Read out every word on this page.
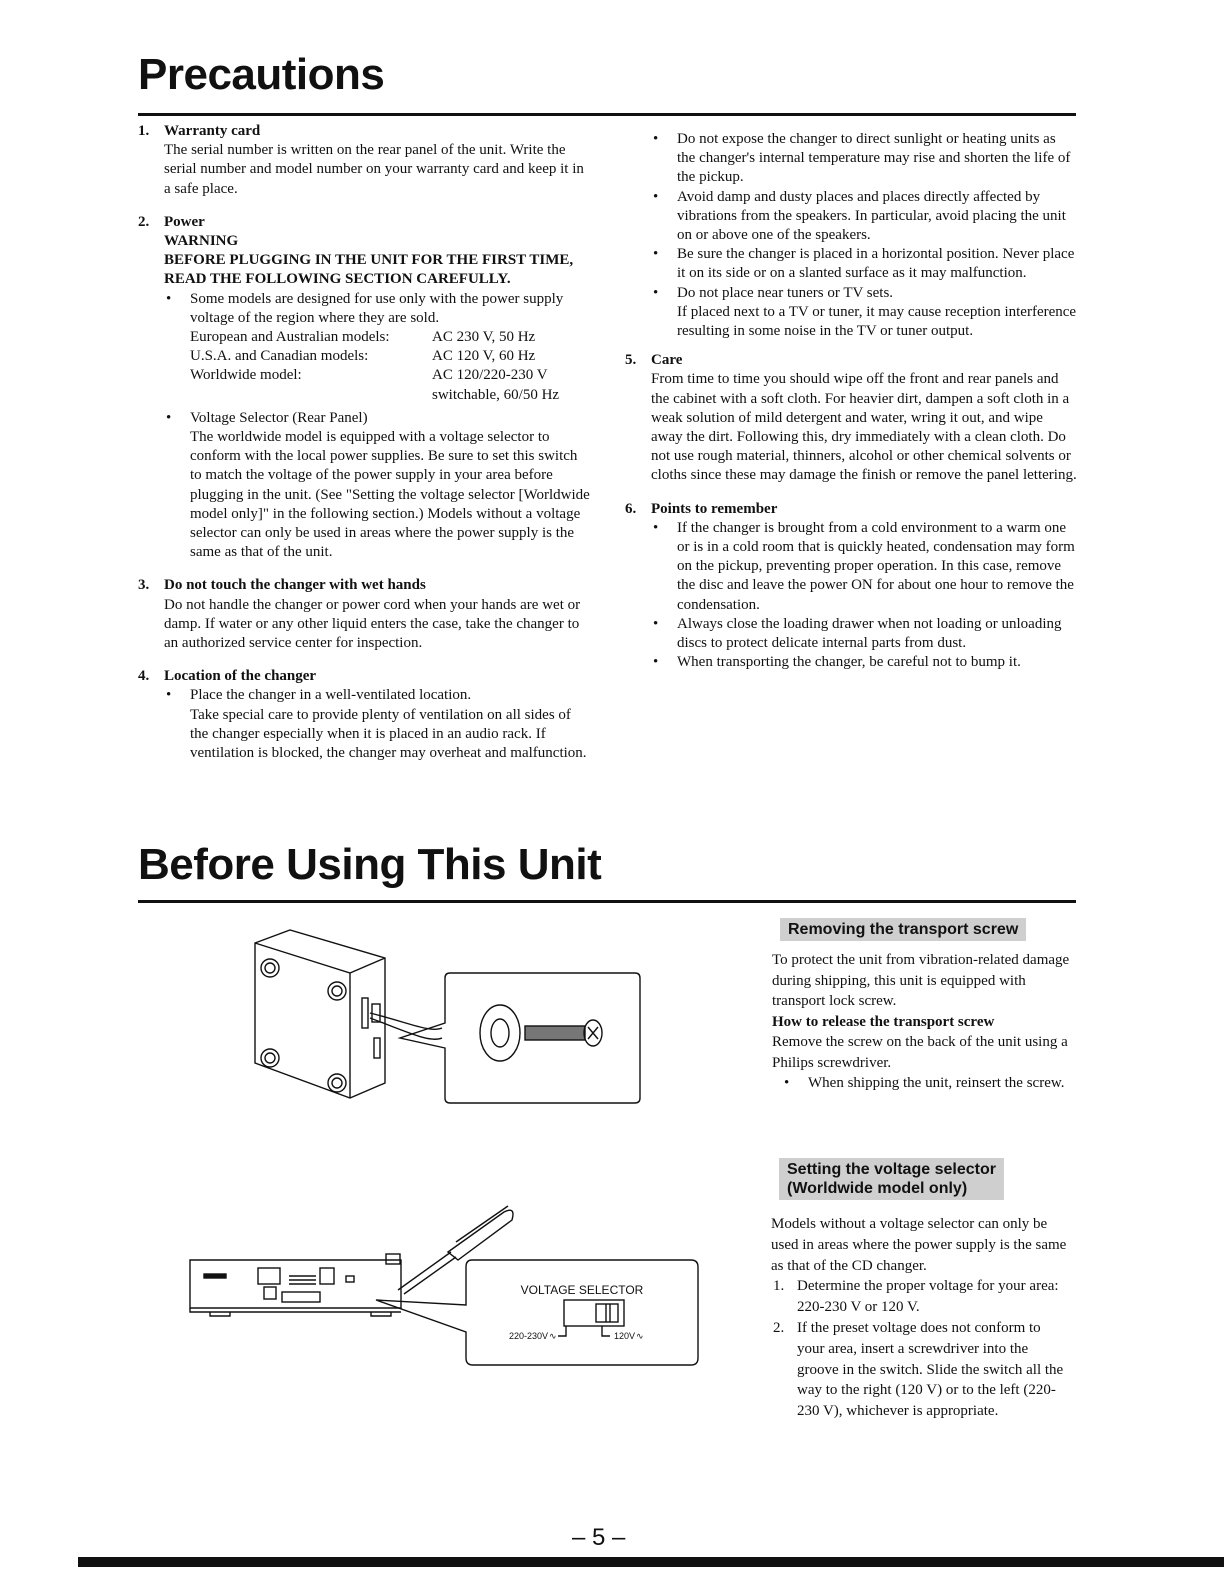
Precautions
1. Warranty card
The serial number is written on the rear panel of the unit. Write the serial number and model number on your warranty card and keep it in a safe place.
2. Power
WARNING
BEFORE PLUGGING IN THE UNIT FOR THE FIRST TIME, READ THE FOLLOWING SECTION CAREFULLY.
•	Some models are designed for use only with the power supply voltage of the region where they are sold.
European and Australian models:	AC 230 V, 50 Hz
U.S.A. and Canadian models:	AC 120 V, 60 Hz
Worldwide model:	AC 120/220-230 V switchable, 60/50 Hz
•	Voltage Selector (Rear Panel)
The worldwide model is equipped with a voltage selector to conform with the local power supplies. Be sure to set this switch to match the voltage of the power supply in your area before plugging in the unit. (See "Setting the voltage selector [Worldwide model only]" in the following section.) Models without a voltage selector can only be used in areas where the power supply is the same as that of the unit.
3. Do not touch the changer with wet hands
Do not handle the changer or power cord when your hands are wet or damp. If water or any other liquid enters the case, take the changer to an authorized service center for inspection.
4. Location of the changer
•	Place the changer in a well-ventilated location.
Take special care to provide plenty of ventilation on all sides of the changer especially when it is placed in an audio rack. If ventilation is blocked, the changer may overheat and malfunction.
•	Do not expose the changer to direct sunlight or heating units as the changer's internal temperature may rise and shorten the life of the pickup.
•	Avoid damp and dusty places and places directly affected by vibrations from the speakers. In particular, avoid placing the unit on or above one of the speakers.
•	Be sure the changer is placed in a horizontal position. Never place it on its side or on a slanted surface as it may malfunction.
•	Do not place near tuners or TV sets.
If placed next to a TV or tuner, it may cause reception interference resulting in some noise in the TV or tuner output.
5. Care
From time to time you should wipe off the front and rear panels and the cabinet with a soft cloth. For heavier dirt, dampen a soft cloth in a weak solution of mild detergent and water, wring it out, and wipe away the dirt. Following this, dry immediately with a clean cloth. Do not use rough material, thinners, alcohol or other chemical solvents or cloths since these may damage the finish or remove the panel lettering.
6. Points to remember
•	If the changer is brought from a cold environment to a warm one or is in a cold room that is quickly heated, condensation may form on the pickup, preventing proper operation. In this case, remove the disc and leave the power ON for about one hour to remove the condensation.
•	Always close the loading drawer when not loading or unloading discs to protect delicate internal parts from dust.
•	When transporting the changer, be careful not to bump it.
Before Using This Unit
Removing the transport screw
To protect the unit from vibration-related damage during shipping, this unit is equipped with transport lock screw.
How to release the transport screw
Remove the screw on the back of the unit using a Philips screwdriver.
•	When shipping the unit, reinsert the screw.
VOLTAGE SELECTOR
220-230V ∿	120V ∿
Setting the voltage selector
(Worldwide model only)
Models without a voltage selector can only be used in areas where the power supply is the same as that of the CD changer.
1. Determine the proper voltage for your area: 220-230 V or 120 V.
2. If the preset voltage does not conform to your area, insert a screwdriver into the groove in the switch. Slide the switch all the way to the right (120 V) or to the left (220-230 V), whichever is appropriate.
– 5 –
